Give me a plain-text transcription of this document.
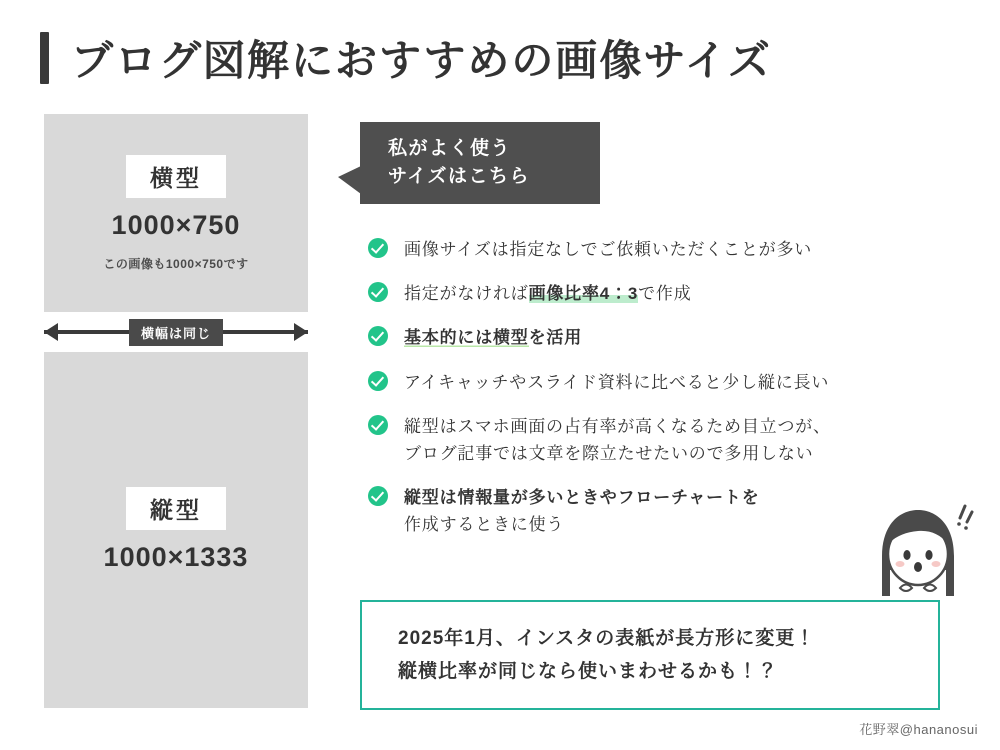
ブログ図解におすすめの画像サイズ
横型
1000×750
この画像も1000×750です
横幅は同じ
縦型
1000×1333
私がよく使う
サイズはこちら
画像サイズは指定なしでご依頼いただくことが多い
指定がなければ画像比率4：3で作成
基本的には横型を活用
アイキャッチやスライド資料に比べると少し縦に長い
縦型はスマホ画面の占有率が高くなるため目立つが、
ブログ記事では文章を際立たせたいので多用しない
縦型は情報量が多いときやフローチャートを
作成するときに使う
2025年1月、インスタの表紙が長方形に変更！
縦横比率が同じなら使いまわせるかも！？
花野翠@hananosui
